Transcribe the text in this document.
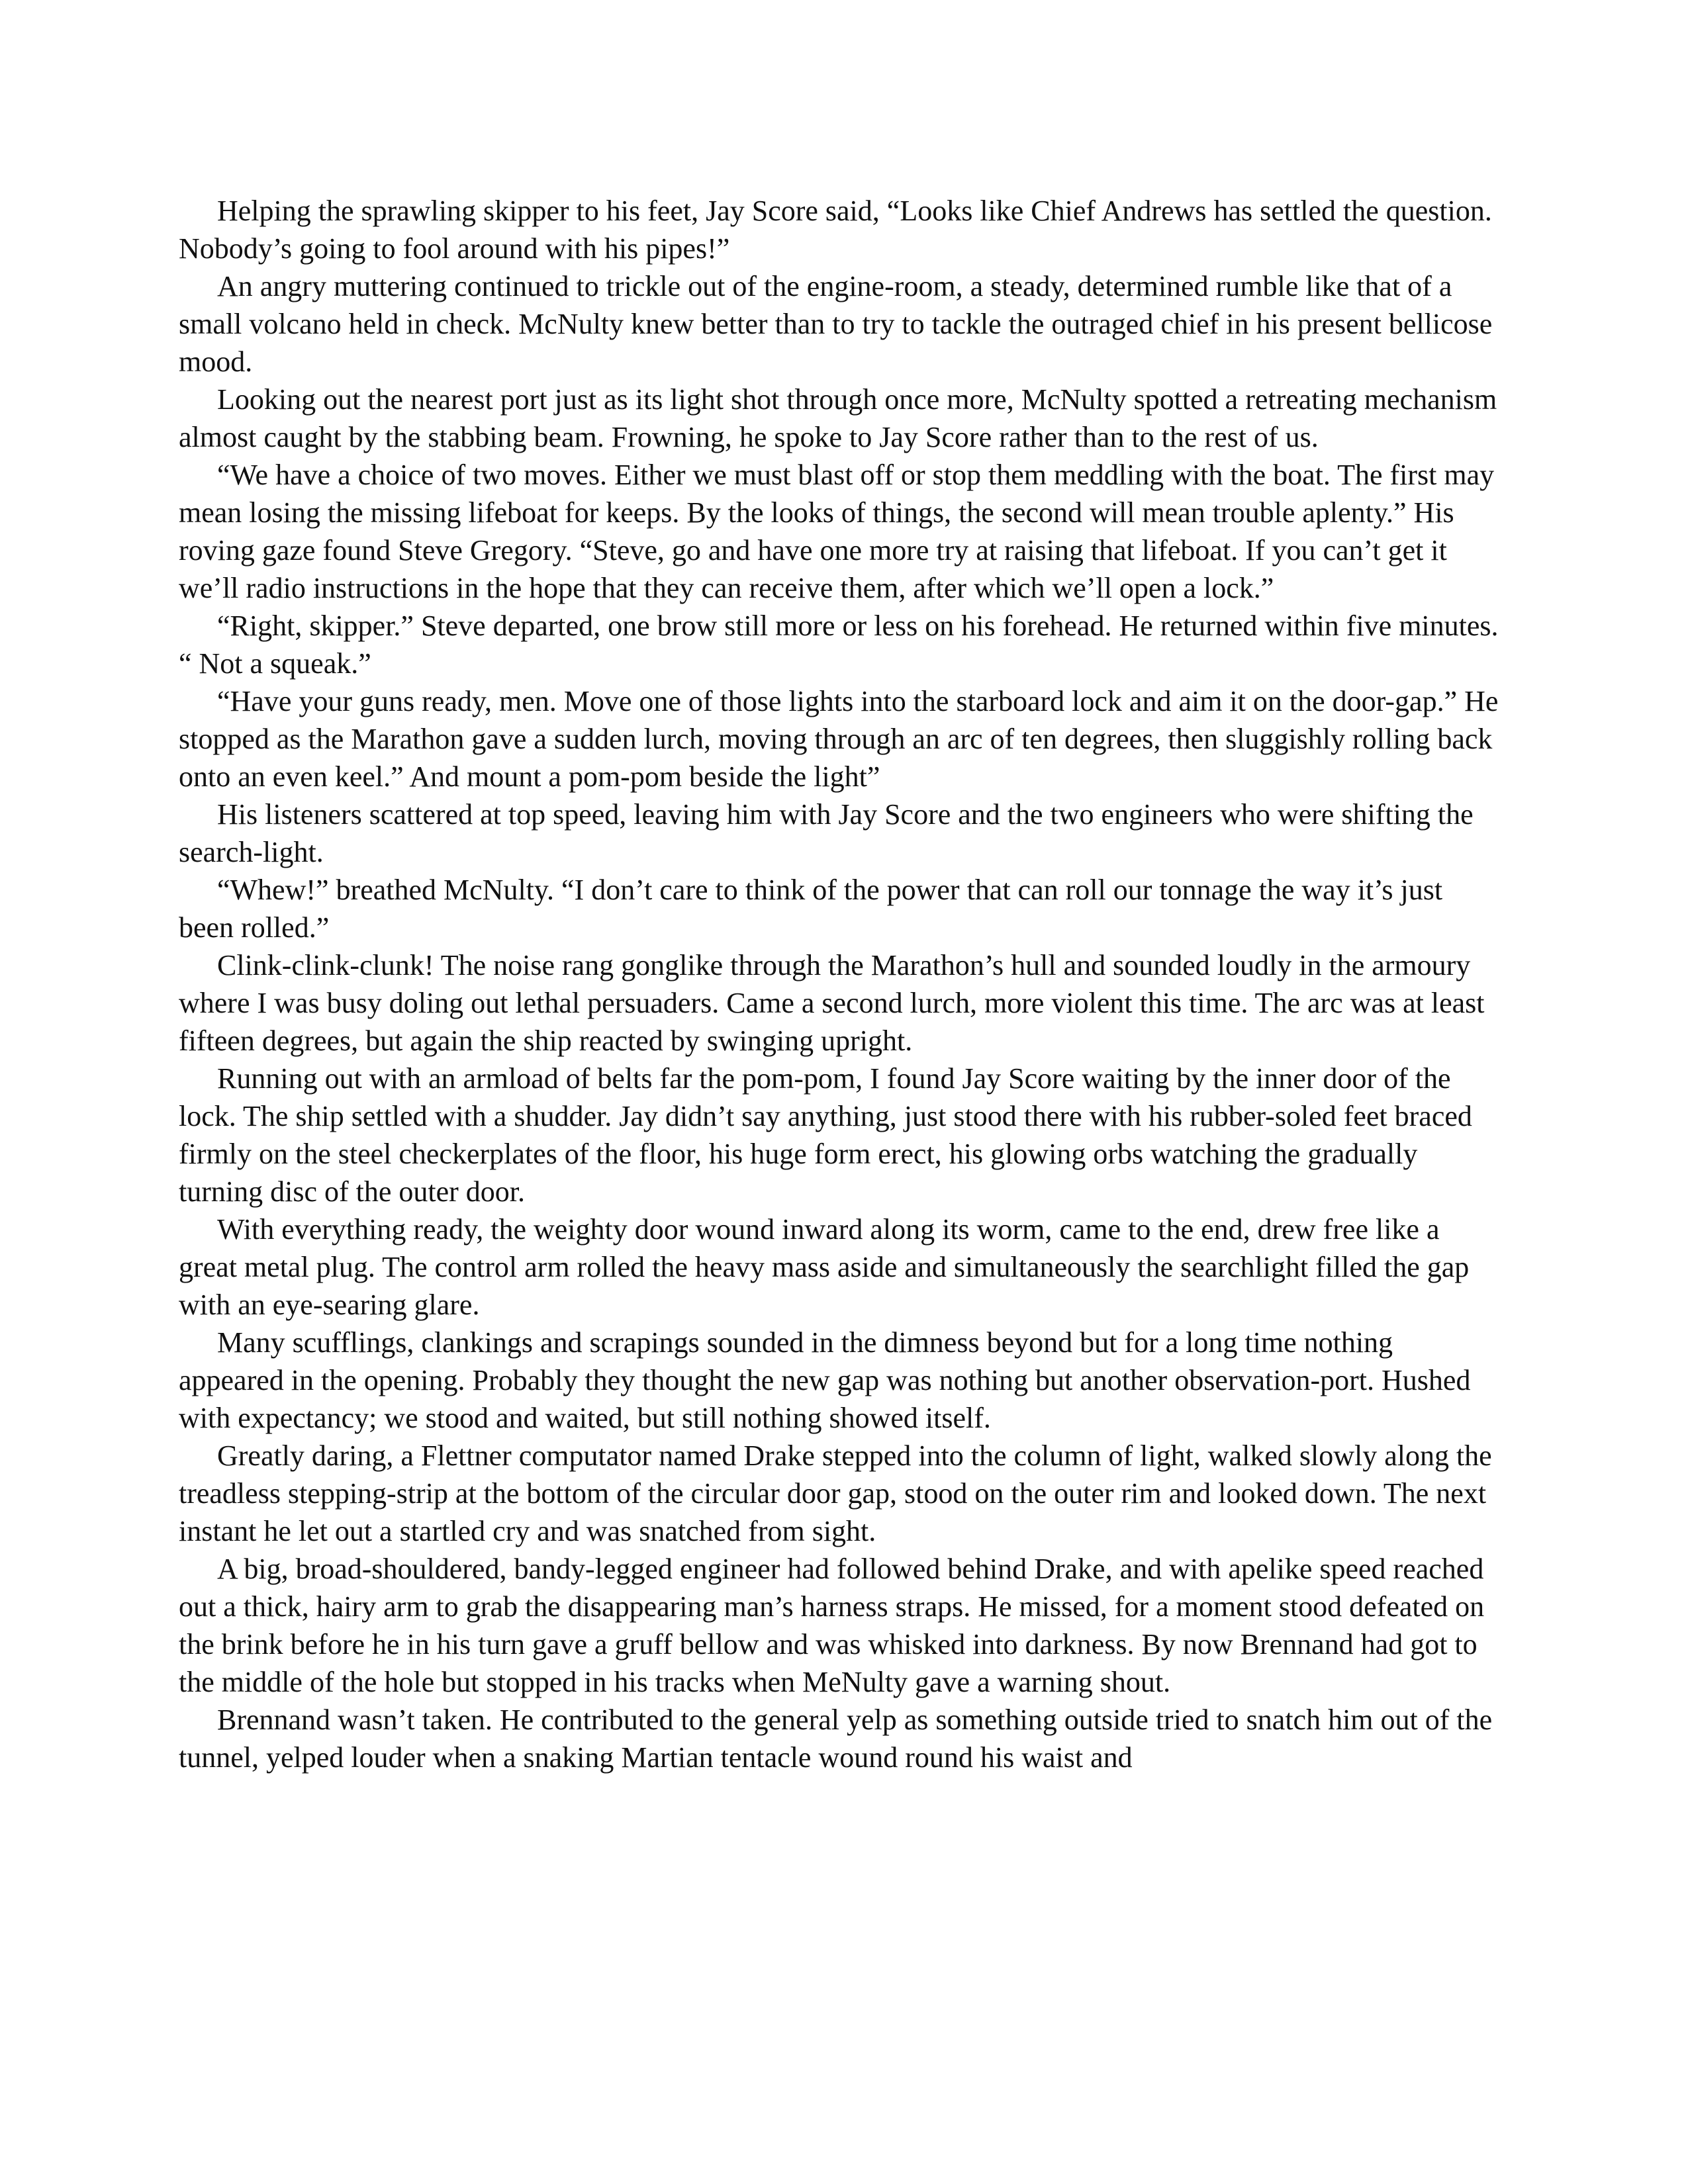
Helping the sprawling skipper to his feet, Jay Score said, “Looks like Chief Andrews has settled the question. Nobody’s going to fool around with his pipes!”

An angry muttering continued to trickle out of the engine-room, a steady, determined rumble like that of a small volcano held in check. McNulty knew better than to try to tackle the outraged chief in his present bellicose mood.

Looking out the nearest port just as its light shot through once more, McNulty spotted a retreating mechanism almost caught by the stabbing beam. Frowning, he spoke to Jay Score rather than to the rest of us.

“We have a choice of two moves. Either we must blast off or stop them meddling with the boat. The first may mean losing the missing lifeboat for keeps. By the looks of things, the second will mean trouble aplenty.” His roving gaze found Steve Gregory. “Steve, go and have one more try at raising that lifeboat. If you can’t get it we’ll radio instructions in the hope that they can receive them, after which we’ll open a lock.”

“Right, skipper.” Steve departed, one brow still more or less on his forehead. He returned within five minutes. “ Not a squeak.”

“Have your guns ready, men. Move one of those lights into the starboard lock and aim it on the door-gap.” He stopped as the Marathon gave a sudden lurch, moving through an arc of ten degrees, then sluggishly rolling back onto an even keel.” And mount a pom-pom beside the light”

His listeners scattered at top speed, leaving him with Jay Score and the two engineers who were shifting the search-light.

“Whew!” breathed McNulty. “I don’t care to think of the power that can roll our tonnage the way it’s just been rolled.”

Clink-clink-clunk! The noise rang gonglike through the Marathon’s hull and sounded loudly in the armoury where I was busy doling out lethal persuaders. Came a second lurch, more violent this time. The arc was at least fifteen degrees, but again the ship reacted by swinging upright.

Running out with an armload of belts far the pom-pom, I found Jay Score waiting by the inner door of the lock. The ship settled with a shudder. Jay didn’t say anything, just stood there with his rubber-soled feet braced firmly on the steel checkerplates of the floor, his huge form erect, his glowing orbs watching the gradually turning disc of the outer door.

With everything ready, the weighty door wound inward along its worm, came to the end, drew free like a great metal plug. The control arm rolled the heavy mass aside and simultaneously the searchlight filled the gap with an eye-searing glare.

Many scufflings, clankings and scrapings sounded in the dimness beyond but for a long time nothing appeared in the opening. Probably they thought the new gap was nothing but another observation-port. Hushed with expectancy; we stood and waited, but still nothing showed itself.

Greatly daring, a Flettner computator named Drake stepped into the column of light, walked slowly along the treadless stepping-strip at the bottom of the circular door gap, stood on the outer rim and looked down. The next instant he let out a startled cry and was snatched from sight.

A big, broad-shouldered, bandy-legged engineer had followed behind Drake, and with apelike speed reached out a thick, hairy arm to grab the disappearing man’s harness straps. He missed, for a moment stood defeated on the brink before he in his turn gave a gruff bellow and was whisked into darkness. By now Brennand had got to the middle of the hole but stopped in his tracks when MeNulty gave a warning shout.

Brennand wasn’t taken. He contributed to the general yelp as something outside tried to snatch him out of the tunnel, yelped louder when a snaking Martian tentacle wound round his waist and
